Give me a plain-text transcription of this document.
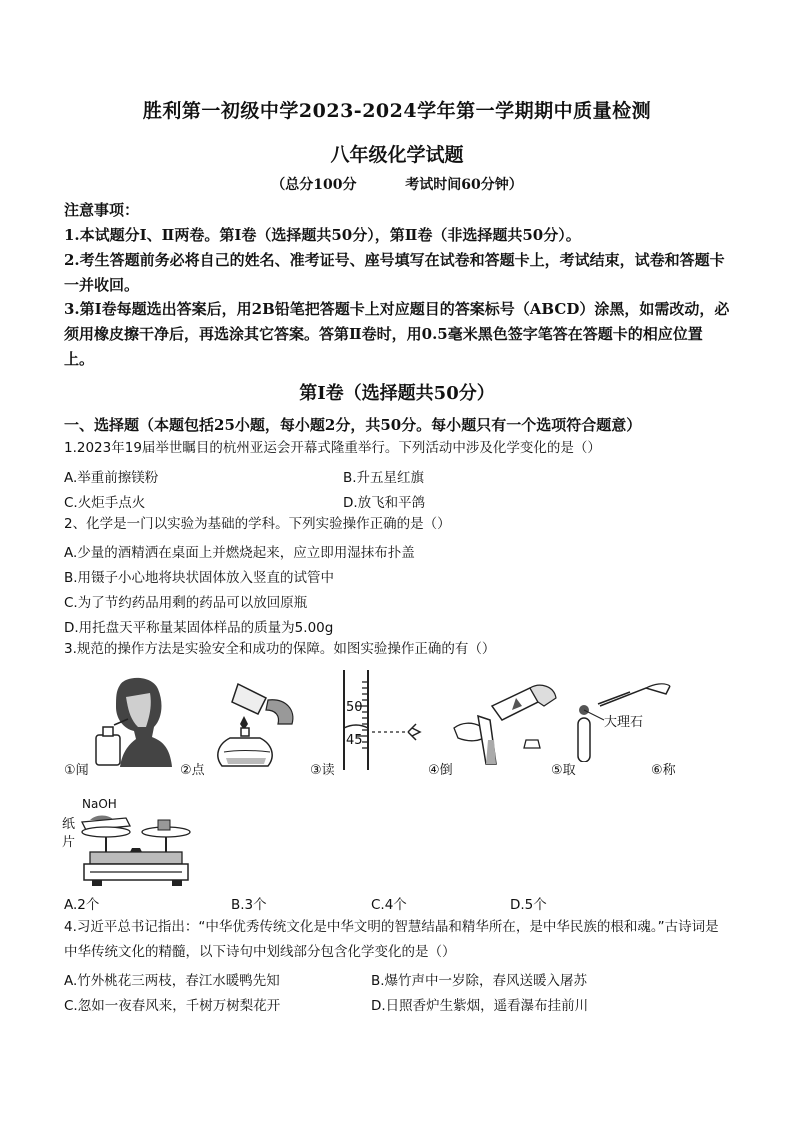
胜利第一初级中学2023-2024学年第一学期期中质量检测
八年级化学试题
（总分100分          考试时间60分钟）
注意事项：
1.本试题分Ⅰ、Ⅱ两卷。第Ⅰ卷（选择题共50分），第Ⅱ卷（非选择题共50分）。
2.考生答题前务必将自己的姓名、准考证号、座号填写在试卷和答题卡上，考试结束，试卷和答题卡一并收回。
3.第Ⅰ卷每题选出答案后，用2B铅笔把答题卡上对应题目的答案标号（ABCD）涂黑，如需改动，必须用橡皮擦干净后，再选涂其它答案。答第Ⅱ卷时，用0.5毫米黑色签字笔答在答题卡的相应位置上。
第Ⅰ卷（选择题共50分）
一、选择题（本题包括25小题，每小题2分，共50分。每小题只有一个选项符合题意）
1.2023年19届举世瞩目的杭州亚运会开幕式隆重举行。下列活动中涉及化学变化的是（）
A.举重前擦镁粉	B.升五星红旗
C.火炬手点火	D.放飞和平鸽
2、化学是一门以实验为基础的学科。下列实验操作正确的是（）
A.少量的酒精洒在桌面上并燃烧起来，应立即用湿抹布扑盖
B.用镊子小心地将块状固体放入竖直的试管中
C.为了节约药品用剩的药品可以放回原瓶
D.用托盘天平称量某固体样品的质量为5.00g
3.规范的操作方法是实验安全和成功的保障。如图实验操作正确的有（）
50
45
大理石
①闻	②点	③读	④倒	⑤取	⑥称
NaOH
纸
片
A.2个	B.3个	C.4个	D.5个
4.习近平总书记指出：“中华优秀传统文化是中华文明的智慧结晶和精华所在，是中华民族的根和魂。”古诗词是中华传统文化的精髓，以下诗句中划线部分包含化学变化的是（）
A.竹外桃花三两枝，春江水暖鸭先知	B.爆竹声中一岁除，春风送暖入屠苏
C.忽如一夜春风来，千树万树梨花开	D.日照香炉生紫烟，遥看瀑布挂前川
